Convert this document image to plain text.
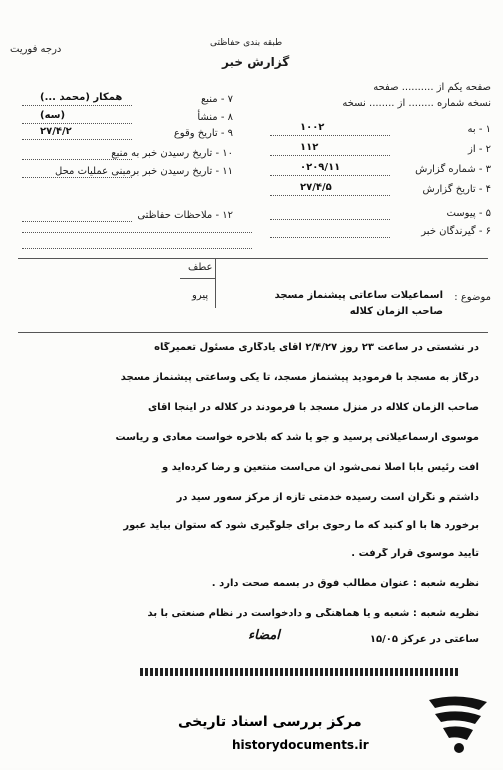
درجه فوریت
طبقه بندی حفاظتی
گزارش خبر
صفحه یکم از .......... صفحه
نسخه شماره ........ از ........ نسخه
۱ - به
۱۰۰۲
۲ - از
۱۱۲
۳ - شماره گزارش
۰۲۰۹/۱۱
۴ - تاریخ گزارش
۲۷/۴/۵
۵ - پیوست
۶ - گیرندگان خبر
۷ - منبع
همکار (محمد ...)
۸ - منشأ
(سه)
۹ - تاریخ وقوع
۲۷/۴/۲
۱۰ - تاریخ رسیدن خبر به منبع
۱۱ - تاریخ رسیدن خبر برمبنی عملیات محل
۱۲ - ملاحظات حفاظتی
عطف
پیرو	موضوع :
اسماعیلات ساعاتی پیشنماز مسجد
صاحب الزمان کلاله
در نشستی در ساعت ۲۳ روز ۲/۴/۲۷ آقای یادگاری مسئول تعمیرگاه
درگاز به مسجد با فرمودید پیشنماز مسجد، تا یکی وساعتی پیشنماز مسجد
صاحب الزمان کلاله در منزل مسجد با فرمودند در کلاله در اینجا آقای
موسوی ارسماعیلاتی پرسید و جو یا شد که بلاخره خواست معادی و ریاست
افت رئیس بابا اصلا نمی‌شود آن می‌است منتعین و رضا کرده‌اید و
داشتم و نگران است رسیده خدمتی تازه از مرکز سه‌ور سید در
برخورد ها با او کنید که ما رحوی برای جلوگیری شود که ستوان بیاید عبور
تایید موسوی قرار گرفت .
نظریه شعبه : عنوان مطالب فوق در بسمه صحت دارد .
نظریه شعبه : شعبه و یا هماهنگی و دادخواست در نظام صنعتی با بد
ساعتی در عرکز ۱۵/۰۵
امضاء
مرکز بررسی اسناد تاریخی
historydocuments.ir
